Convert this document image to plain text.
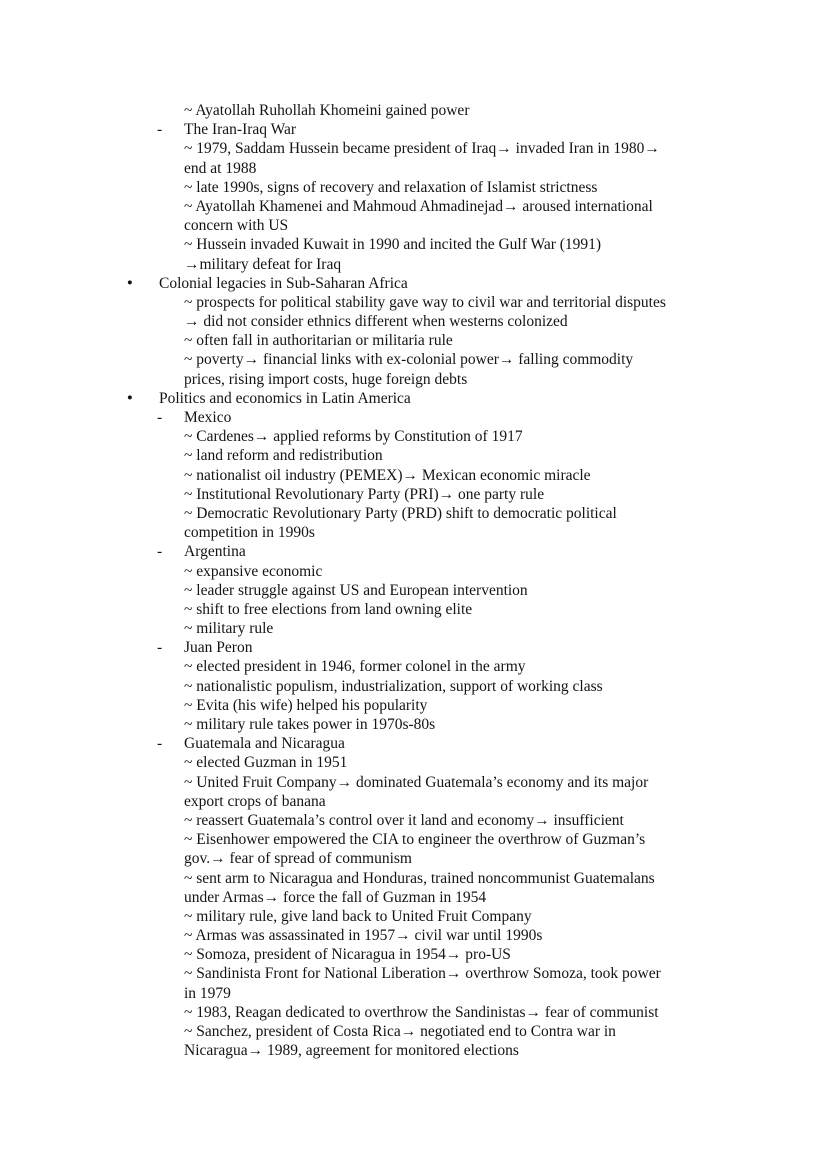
~ Ayatollah Ruhollah Khomeini gained power
- The Iran-Iraq War
~ 1979, Saddam Hussein became president of Iraq→ invaded Iran in 1980→
end at 1988
~ late 1990s, signs of recovery and relaxation of Islamist strictness
~ Ayatollah Khamenei and Mahmoud Ahmadinejad→ aroused international
concern with US
~ Hussein invaded Kuwait in 1990 and incited the Gulf War (1991)
→military defeat for Iraq
● Colonial legacies in Sub-Saharan Africa
~ prospects for political stability gave way to civil war and territorial disputes
→ did not consider ethnics different when westerns colonized
~ often fall in authoritarian or militaria rule
~ poverty→ financial links with ex-colonial power→ falling commodity
prices, rising import costs, huge foreign debts
● Politics and economics in Latin America
- Mexico
~ Cardenes→ applied reforms by Constitution of 1917
~ land reform and redistribution
~ nationalist oil industry (PEMEX)→ Mexican economic miracle
~ Institutional Revolutionary Party (PRI)→ one party rule
~ Democratic Revolutionary Party (PRD) shift to democratic political
competition in 1990s
- Argentina
~ expansive economic
~ leader struggle against US and European intervention
~ shift to free elections from land owning elite
~ military rule
- Juan Peron
~ elected president in 1946, former colonel in the army
~ nationalistic populism, industrialization, support of working class
~ Evita (his wife) helped his popularity
~ military rule takes power in 1970s-80s
- Guatemala and Nicaragua
~ elected Guzman in 1951
~ United Fruit Company→ dominated Guatemala’s economy and its major
export crops of banana
~ reassert Guatemala’s control over it land and economy→ insufficient
~ Eisenhower empowered the CIA to engineer the overthrow of Guzman’s
gov.→ fear of spread of communism
~ sent arm to Nicaragua and Honduras, trained noncommunist Guatemalans
under Armas→ force the fall of Guzman in 1954
~ military rule, give land back to United Fruit Company
~ Armas was assassinated in 1957→ civil war until 1990s
~ Somoza, president of Nicaragua in 1954→ pro-US
~ Sandinista Front for National Liberation→ overthrow Somoza, took power
in 1979
~ 1983, Reagan dedicated to overthrow the Sandinistas→ fear of communist
~ Sanchez, president of Costa Rica→ negotiated end to Contra war in
Nicaragua→ 1989, agreement for monitored elections
